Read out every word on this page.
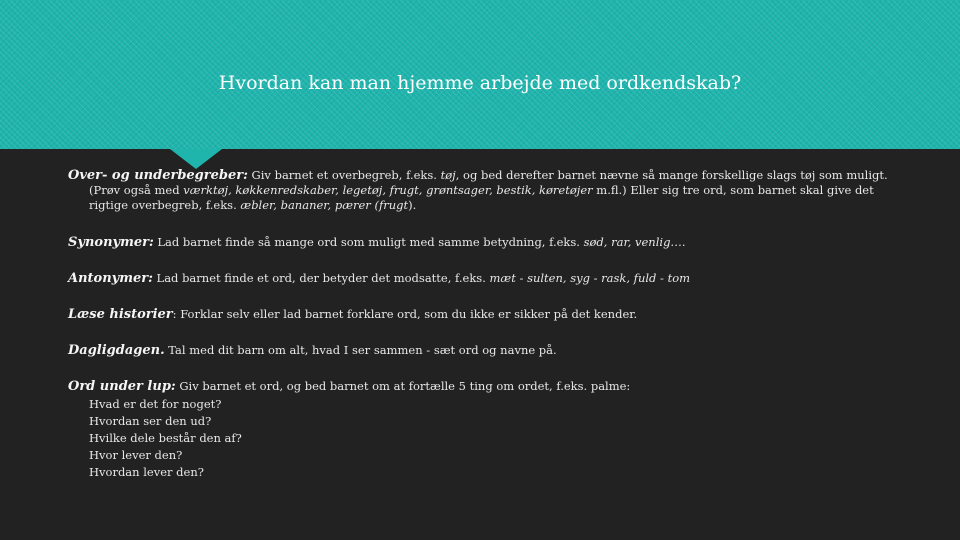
Hvordan kan man hjemme arbejde med ordkendskab?
Over- og underbegreber: Giv barnet et overbegreb, f.eks. tøj, og bed derefter barnet nævne så mange forskellige slags tøj som muligt.
(Prøv også med værktøj, køkkenredskaber, legetøj, frugt, grøntsager, bestik, køretøjer m.fl.) Eller sig tre ord, som barnet skal give det rigtige overbegreb, f.eks. æbler, bananer, pærer (frugt).
Synonymer: Lad barnet finde så mange ord som muligt med samme betydning, f.eks. sød, rar, venlig….
Antonymer: Lad barnet finde et ord, der betyder det modsatte, f.eks. mæt - sulten, syg - rask, fuld - tom
Læse historier: Forklar selv eller lad barnet forklare ord, som du ikke er sikker på det kender.
Dagligdagen. Tal med dit barn om alt, hvad I ser sammen - sæt ord og navne på.
Ord under lup: Giv barnet et ord, og bed barnet om at fortælle 5 ting om ordet, f.eks. palme:
Hvad er det for noget?
Hvordan ser den ud?
Hvilke dele består den af?
Hvor lever den?
Hvordan lever den?
